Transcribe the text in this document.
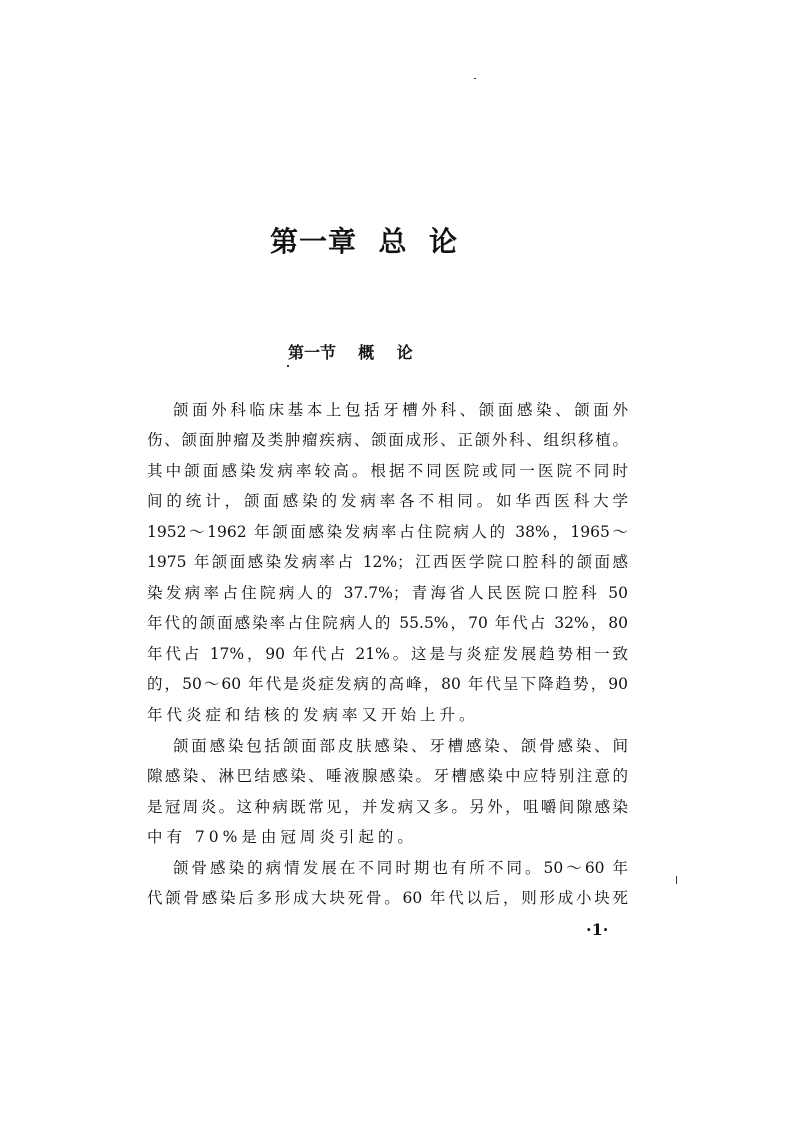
第一章  总  论
第一节    概    论
颌面外科临床基本上包括牙槽外科、颌面感染、颌面外
伤、颌面肿瘤及类肿瘤疾病、颌面成形、正颌外科、组织移植。
其中颌面感染发病率较高。根据不同医院或同一医院不同时
间的统计，颌面感染的发病率各不相同。如华西医科大学
1952～1962 年颌面感染发病率占住院病人的 38%，1965～
1975 年颌面感染发病率占 12%；江西医学院口腔科的颌面感
染发病率占住院病人的 37.7%；青海省人民医院口腔科 50
年代的颌面感染率占住院病人的 55.5%，70 年代占 32%，80
年代占 17%，90 年代占 21%。这是与炎症发展趋势相一致
的，50～60 年代是炎症发病的高峰，80 年代呈下降趋势，90
年代炎症和结核的发病率又开始上升。
颌面感染包括颌面部皮肤感染、牙槽感染、颌骨感染、间
隙感染、淋巴结感染、唾液腺感染。牙槽感染中应特别注意的
是冠周炎。这种病既常见，并发病又多。另外，咀嚼间隙感染
中有 70%是由冠周炎引起的。
颌骨感染的病情发展在不同时期也有所不同。50～60 年
代颌骨感染后多形成大块死骨。60 年代以后，则形成小块死
·1·
